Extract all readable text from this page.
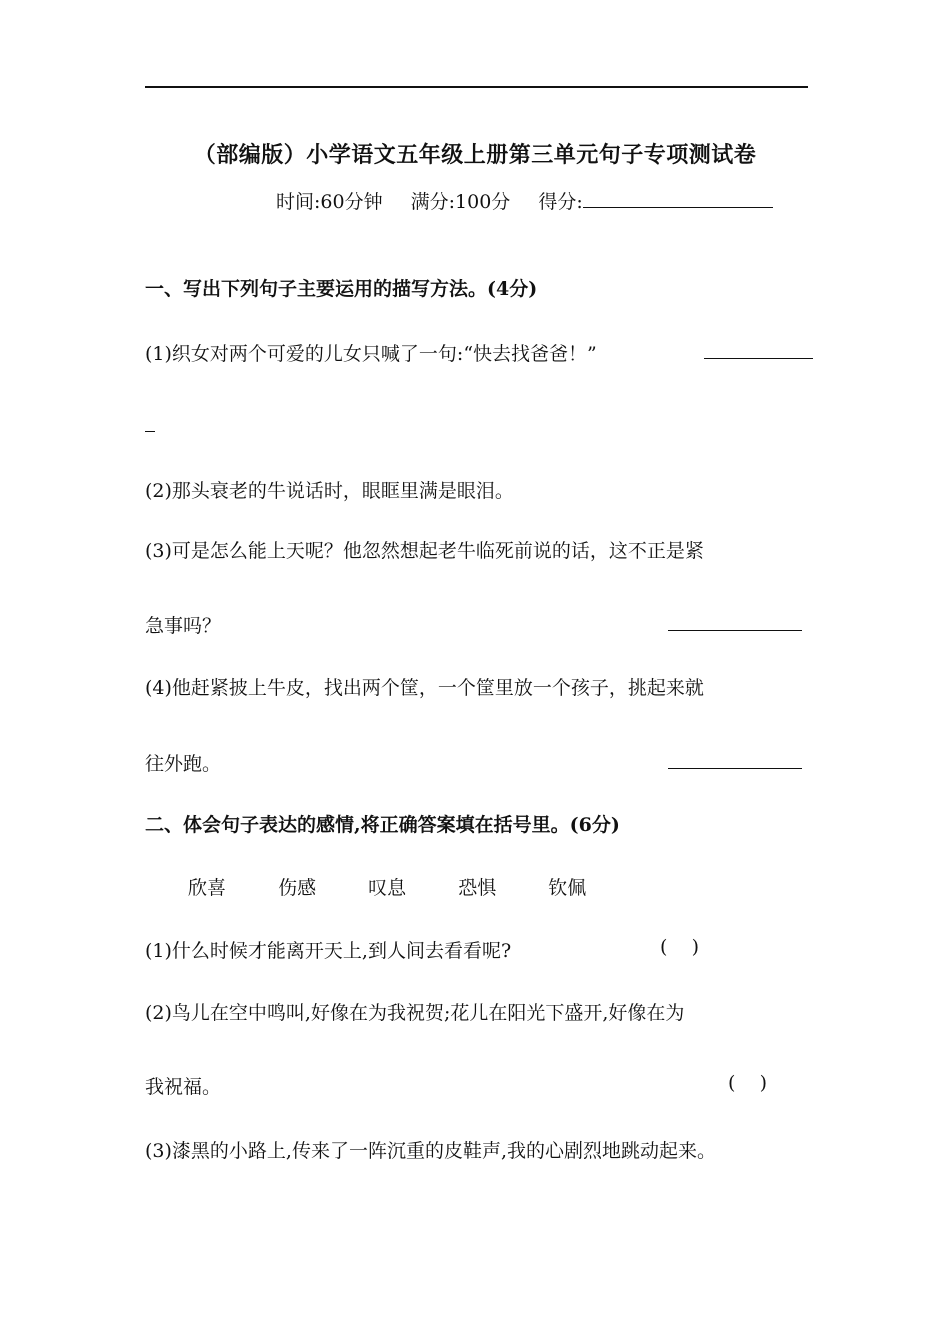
（部编版）小学语文五年级上册第三单元句子专项测试卷
时间:60分钟 满分:100分 得分:
一、写出下列句子主要运用的描写方法。(4分)
(1)织女对两个可爱的儿女只喊了一句:“快去找爸爸！”
(2)那头衰老的牛说话时，眼眶里满是眼泪。
(3)可是怎么能上天呢？他忽然想起老牛临死前说的话，这不正是紧
急事吗？
(4)他赶紧披上牛皮，找出两个筐，一个筐里放一个孩子，挑起来就
往外跑。
二、体会句子表达的感情,将正确答案填在括号里。(6分)
欣喜	伤感	叹息	恐惧	钦佩
(1)什么时候才能离开天上,到人间去看看呢?	(    )
(2)鸟儿在空中鸣叫,好像在为我祝贺;花儿在阳光下盛开,好像在为
我祝福。	(    )
(3)漆黑的小路上,传来了一阵沉重的皮鞋声,我的心剧烈地跳动起来。
